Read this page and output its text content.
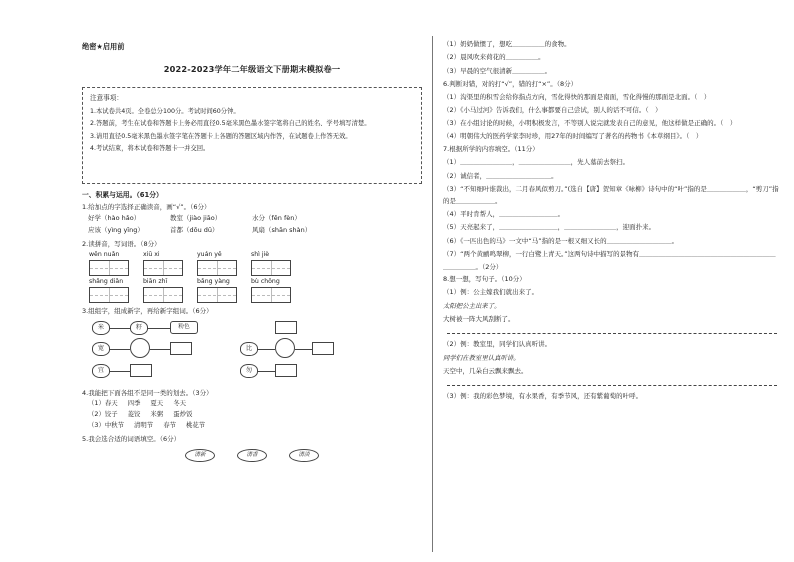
绝密★启用前
2022-2023学年二年级语文下册期末模拟卷一
注意事项：
1.本试卷共4页。全卷总分100分。考试时间60分钟。
2.答题前，考生在试卷和答题卡上务必用直径0.5毫米黑色墨水签字笔将自己的姓名、学号填写清楚。
3.请用直径0.5毫米黑色墨水签字笔在答题卡上各题的答题区域内作答，在试题卷上作答无效。
4.考试结束，将本试卷和答题卡一并交回。
一、积累与运用。（61分）
1.给加点的字选择正确读音，画“√”。（6分）
好学（hào hǎo）	教室（jiào jiāo）	水分（fēn fèn）
应该（yìng yīng）	首都（dōu dū）	风扇（shān shàn）
2.读拼音，写词语。（8分）
wēn nuǎn	xiū xi	yuán yě	shì jiè
shǎng diǎn	biān zhī	bǎng yàng	bù chǒng
3.组组字，组成新字，再给新字组词。（6分）
米	籽	粉色
宽
宜
比
勿
4.我能把下面各组不是同一类的划去。（3分）
（1）春天 四季 夏天 冬天
（2）饺子 菱饺 米粥 蛋炒饭
（3）中秋节 清明节 春节 桃花节
5.我会选合适的词语填空。（6分）
清新	清香	清淡
（1）奶奶做惯了，想吃＿＿＿＿＿的食物。
（2）晨风吹来荷花的＿＿＿＿＿。
（3）早晨的空气很清新＿＿＿＿＿。
6.判断对错，对的打“√”，错的打“×”。（8分）
（1）沟渠里的积雪会给你指点方向，雪化得快的那面是南面，雪化得慢的那面是北面。（　）
（2）《小马过河》告诉我们，什么事都要自己尝试，别人的话不可信。（　）
（3）在小组讨论的时候，小明积极发言，不等别人说完就发表自己的意见，他这样做是正确的。（　）
（4）明朝伟大的医药学家李时珍，用27年的时间编写了著名的药物书《本草纲目》。（　）
7.根据所学的内容填空。（11分）
（1）＿＿＿＿＿＿＿＿，＿＿＿＿＿＿＿＿，先人墓前去祭扫。
（2）诚信者，＿＿＿＿＿＿＿＿＿＿。
（3）“不知细叶谁裁出，二月春风似剪刀。”(选自【唐】贺知章《咏柳》诗句中的“叶”指的是＿＿＿＿＿＿，“剪刀”指的是＿＿＿＿＿＿。
（4）平时肯帮人，＿＿＿＿＿＿＿＿＿。
（5）天亮起来了，＿＿＿＿＿＿＿＿＿，＿＿＿＿＿＿＿＿，迎面扑来。
（6）《一匹出色的马》一文中“马”指的是一根又细又长的＿＿＿＿＿＿＿＿＿＿。
（7）“两个黄鹂鸣翠柳，一行白鹭上青天。”这两句诗中描写的景物有＿＿＿＿＿＿＿＿＿＿＿＿＿＿＿＿＿＿＿＿＿＿＿＿＿＿。（2分）
8.想一想，写句子。（10分）
（1）例：公主嫁我们就出来了。
太阳把公主出来了。
大树被一阵大风刮断了。
（2）例：教室里，同学们认真听讲。
同学们在教室里认真听讲。
天空中，几朵白云飘来飘去。
（3）例：我的彩色梦境，有水果香，有季节风，还有紫葡萄的叶呼。
